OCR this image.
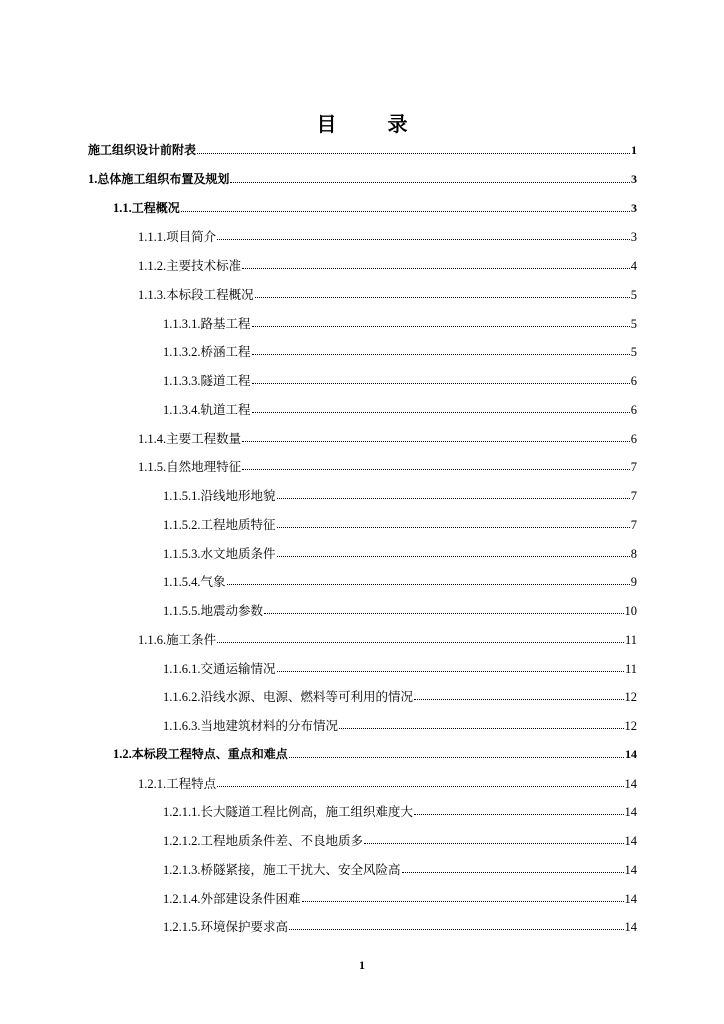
目 录
施工组织设计前附表	1
1. 总体施工组织布置及规划	3
1.1. 工程概况	3
1.1.1. 项目简介	3
1.1.2. 主要技术标准	4
1.1.3. 本标段工程概况	5
1.1.3.1. 路基工程	5
1.1.3.2. 桥涵工程	5
1.1.3.3. 隧道工程	6
1.1.3.4. 轨道工程	6
1.1.4. 主要工程数量	6
1.1.5. 自然地理特征	7
1.1.5.1. 沿线地形地貌	7
1.1.5.2. 工程地质特征	7
1.1.5.3. 水文地质条件	8
1.1.5.4. 气象	9
1.1.5.5. 地震动参数	10
1.1.6. 施工条件	11
1.1.6.1. 交通运输情况	11
1.1.6.2. 沿线水源、电源、燃料等可利用的情况	12
1.1.6.3. 当地建筑材料的分布情况	12
1.2. 本标段工程特点、重点和难点	14
1.2.1. 工程特点	14
1.2.1.1. 长大隧道工程比例高，施工组织难度大	14
1.2.1.2. 工程地质条件差、不良地质多	14
1.2.1.3. 桥隧紧接，施工干扰大、安全风险高	14
1.2.1.4. 外部建设条件困难	14
1.2.1.5. 环境保护要求高	14
1
